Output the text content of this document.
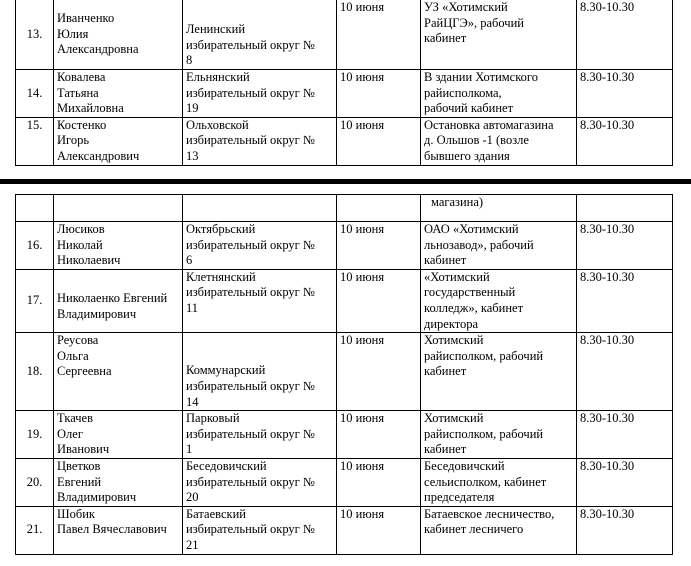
13.	Иванченко
Юлия
Александровна	Ленинский
избирательный округ №
8	10 июня	УЗ «Хотимский
РайЦГЭ», рабочий
кабинет	8.30-10.30
14.	Ковалева
Татьяна
Михайловна	Ельнянский
избирательный округ №
19	10 июня	В здании Хотимского
райисполкома,
рабочий кабинет	8.30-10.30
15.	Костенко
Игорь
Александрович	Ольховской
избирательный округ №
13	10 июня	Остановка автомагазина
д. Ольшов -1 (возле
бывшего здания	8.30-10.30
				магазина)	
16.	Люсиков
Николай
Николаевич	Октябрьский
избирательный округ №
6	10 июня	ОАО «Хотимский
льнозавод», рабочий
кабинет	8.30-10.30
17.	Николаенко Евгений
Владимирович	Клетнянский
избирательный округ №
11	10 июня	«Хотимский
государственный
колледж», кабинет
директора	8.30-10.30
18.	Реусова
Ольга
Сергеевна	Коммунарский
избирательный округ №
14	10 июня	Хотимский
райисполком, рабочий
кабинет	8.30-10.30
19.	Ткачев
Олег
Иванович	Парковый
избирательный округ №
1	10 июня	Хотимский
райисполком, рабочий
кабинет	8.30-10.30
20.	Цветков
Евгений
Владимирович	Беседовичский
избирательный округ №
20	10 июня	Беседовичский
сельисполком, кабинет
председателя	8.30-10.30
21.	Шобик
Павел Вячеславович	Батаевский
избирательный округ №
21	10 июня	Батаевское лесничество,
кабинет лесничего	8.30-10.30
